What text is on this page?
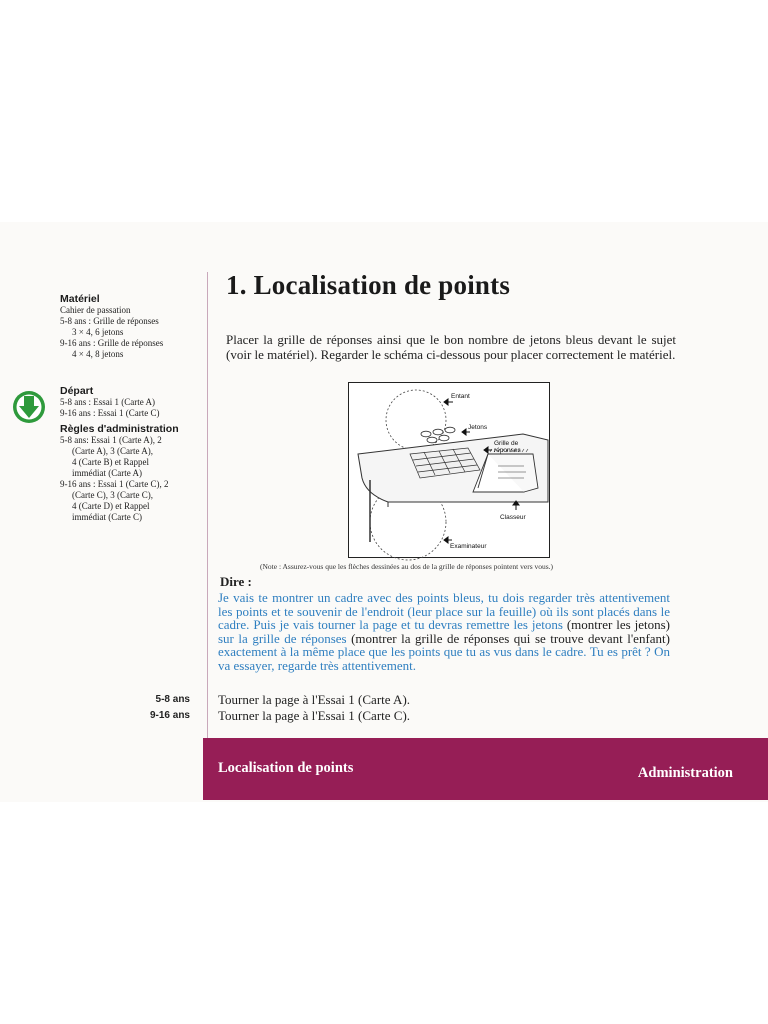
Matériel
Cahier de passation
5-8 ans : Grille de réponses
3 × 4, 6 jetons
9-16 ans : Grille de réponses
4 × 4, 8 jetons
Départ
5-8 ans : Essai 1 (Carte A)
9-16 ans : Essai 1 (Carte C)
Règles d'administration
5-8 ans: Essai 1 (Carte A), 2
(Carte A), 3 (Carte A),
4 (Carte B) et Rappel
immédiat (Carte A)
9-16 ans : Essai 1 (Carte C), 2
(Carte C), 3 (Carte C),
4 (Carte D) et Rappel
immédiat (Carte C)
5-8 ans
9-16 ans
1. Localisation de points
Placer la grille de réponses ainsi que le bon nombre de jetons bleus devant le sujet (voir le matériel). Regarder le schéma ci-dessous pour placer correctement le matériel.
Entant
Jetons
Grille de
réponses
Classeur
Examinateur
(Note : Assurez-vous que les flèches dessinées au dos de la grille de réponses pointent vers vous.)
Dire :
Je vais te montrer un cadre avec des points bleus, tu dois regarder très attentivement les points et te souvenir de l'endroit (leur place sur la feuille) où ils sont placés dans le cadre. Puis je vais tourner la page et tu devras remettre les jetons (montrer les jetons) sur la grille de réponses (montrer la grille de réponses qui se trouve devant l'enfant) exactement à la même place que les points que tu as vus dans le cadre. Tu es prêt ? On va essayer, regarde très attentivement.
Tourner la page à l'Essai 1 (Carte A).
Tourner la page à l'Essai 1 (Carte C).
Localisation de points	Administration
